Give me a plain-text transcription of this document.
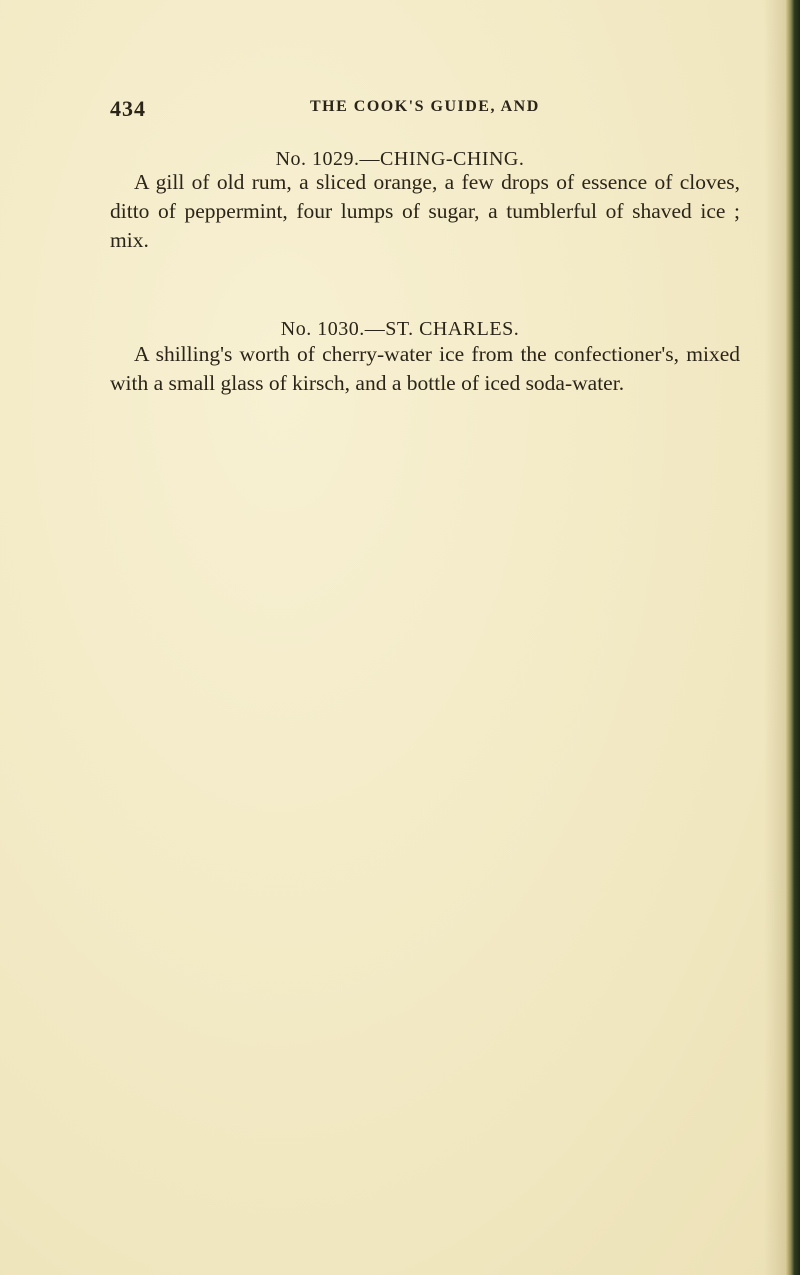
434	THE COOK'S GUIDE, AND
No. 1029.—CHING-CHING.

A gill of old rum, a sliced orange, a few drops of essence of cloves, ditto of peppermint, four lumps of sugar, a tumblerful of shaved ice ; mix.

No. 1030.—ST. CHARLES.

A shilling's worth of cherry-water ice from the confectioner's, mixed with a small glass of kirsch, and a bottle of iced soda-water.
